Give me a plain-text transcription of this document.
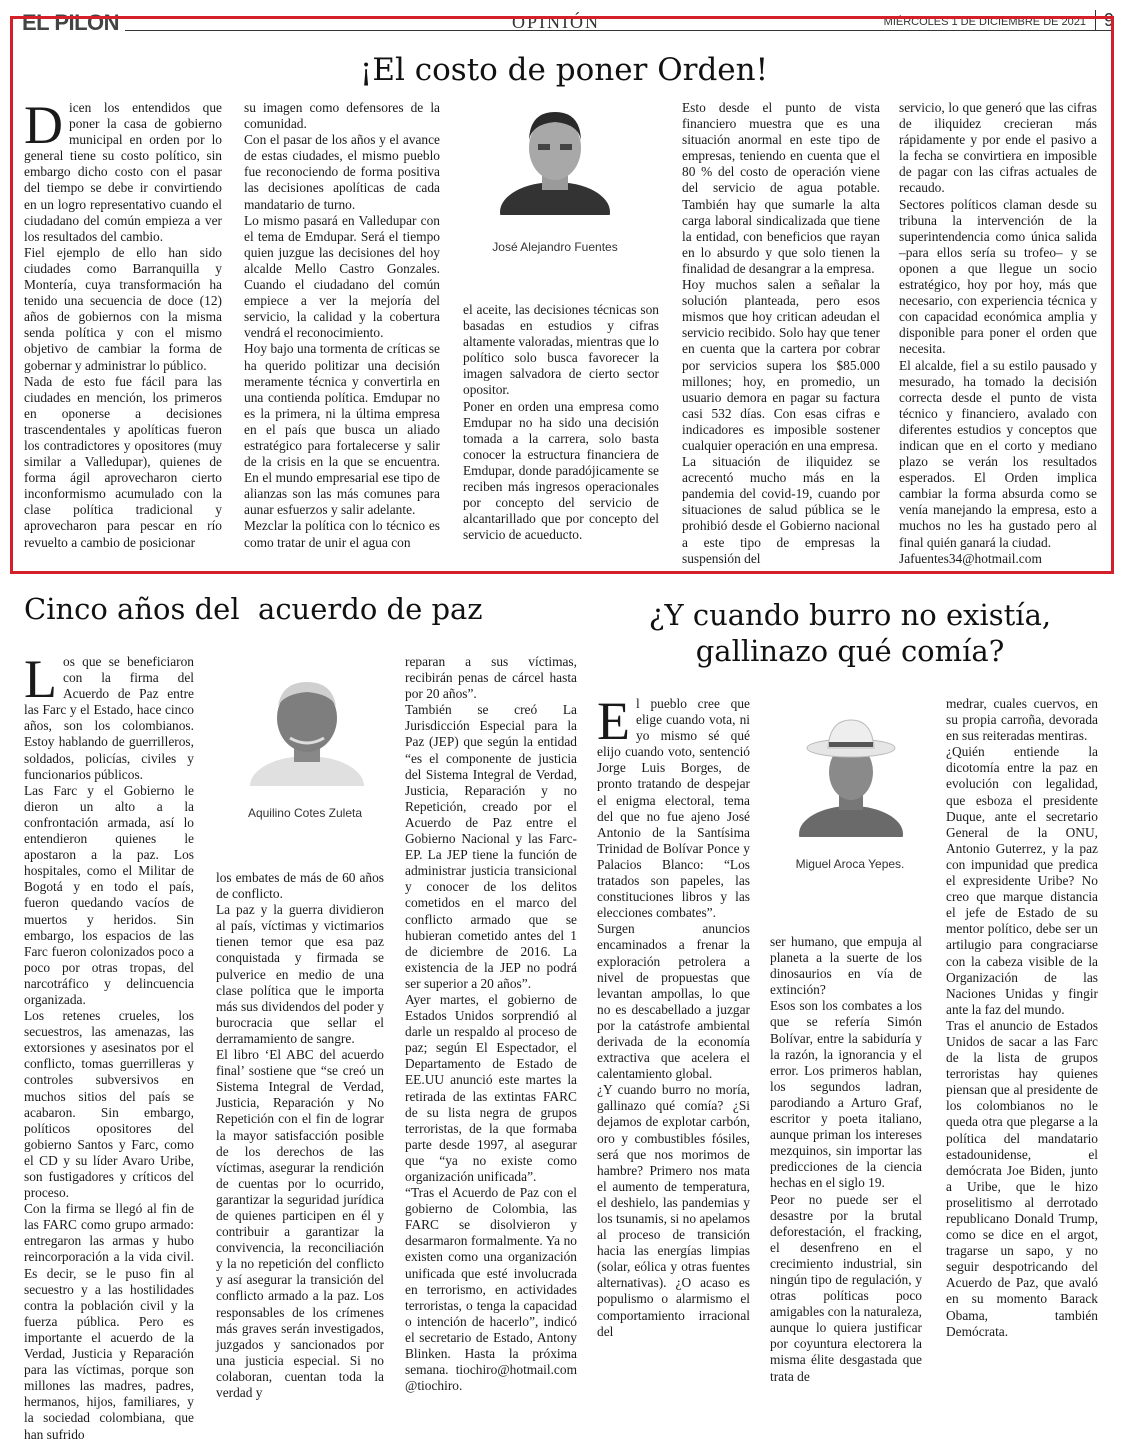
EL PILON	OPINIÓN	MIÉRCOLES 1 DE DICIEMBRE DE 2021 9
¡El costo de poner Orden!
D icen los entendidos que poner la casa de gobierno municipal en orden por lo general tiene su costo político, sin embargo dicho costo con el pasar del tiempo se debe ir convirtiendo en un logro representativo cuando el ciudadano del común empieza a ver los resultados del cambio.
Fiel ejemplo de ello han sido ciudades como Barranquilla y Montería, cuya transformación ha tenido una secuencia de doce (12) años de gobiernos con la misma senda política y con el mismo objetivo de cambiar la forma de gobernar y administrar lo público.
Nada de esto fue fácil para las ciudades en mención, los primeros en oponerse a decisiones trascendentales y apolíticas fueron los contradictores y opositores (muy similar a Valledupar), quienes de forma ágil aprovecharon cierto inconformismo acumulado con la clase política tradicional y aprovecharon para pescar en río revuelto a cambio de posicionar

su imagen como defensores de la comunidad.
Con el pasar de los años y el avance de estas ciudades, el mismo pueblo fue reconociendo de forma positiva las decisiones apolíticas de cada mandatario de turno.
Lo mismo pasará en Valledupar con el tema de Emdupar. Será el tiempo quien juzgue las decisiones del hoy alcalde Mello Castro Gonzales. Cuando el ciudadano del común empiece a ver la mejoría del servicio, la calidad y la cobertura vendrá el reconocimiento.
Hoy bajo una tormenta de críticas se ha querido politizar una decisión meramente técnica y convertirla en una contienda política. Emdupar no es la primera, ni la última empresa en el país que busca un aliado estratégico para fortalecerse y salir de la crisis en la que se encuentra. En el mundo empresarial ese tipo de alianzas son las más comunes para aunar esfuerzos y salir adelante.
Mezclar la política con lo técnico es como tratar de unir el agua con

José Alejandro Fuentes

el aceite, las decisiones técnicas son basadas en estudios y cifras altamente valoradas, mientras que lo político solo busca favorecer la imagen salvadora de cierto sector opositor.
Poner en orden una empresa como Emdupar no ha sido una decisión tomada a la carrera, solo basta conocer la estructura financiera de Emdupar, donde paradójicamente se reciben más ingresos operacionales por concepto del servicio de alcantarillado que por concepto del servicio de acueducto.

Esto desde el punto de vista financiero muestra que es una situación anormal en este tipo de empresas, teniendo en cuenta que el 80 % del costo de operación viene del servicio de agua potable. También hay que sumarle la alta carga laboral sindicalizada que tiene la entidad, con beneficios que rayan en lo absurdo y que solo tienen la finalidad de desangrar a la empresa.
Hoy muchos salen a señalar la solución planteada, pero esos mismos que hoy critican adeudan el servicio recibido. Solo hay que tener en cuenta que la cartera por cobrar por servicios supera los $85.000 millones; hoy, en promedio, un usuario demora en pagar su factura casi 532 días. Con esas cifras e indicadores es imposible sostener cualquier operación en una empresa.
La situación de iliquidez se acrecentó mucho más en la pandemia del covid-19, cuando por situaciones de salud pública se le prohibió desde el Gobierno nacional a este tipo de empresas la suspensión del

servicio, lo que generó que las cifras de iliquidez crecieran más rápidamente y por ende el pasivo a la fecha se convirtiera en imposible de pagar con las cifras actuales de recaudo.
Sectores políticos claman desde su tribuna la intervención de la superintendencia como única salida –para ellos sería su trofeo– y se oponen a que llegue un socio estratégico, hoy por hoy, más que necesario, con experiencia técnica y con capacidad económica amplia y disponible para poner el orden que necesita.
El alcalde, fiel a su estilo pausado y mesurado, ha tomado la decisión correcta desde el punto de vista técnico y financiero, avalado con diferentes estudios y conceptos que indican que en el corto y mediano plazo se verán los resultados esperados. El Orden implica cambiar la forma absurda como se venía manejando la empresa, esto a muchos no les ha gustado pero al final quién ganará la ciudad.
Jafuentes34@hotmail.com

Cinco años del  acuerdo de paz
L os que se beneficiaron con la firma del Acuerdo de Paz entre las Farc y el Estado, hace cinco años, son los colombianos. Estoy hablando de guerrilleros, soldados, policías, civiles y funcionarios públicos.
Las Farc y el Gobierno le dieron un alto a la confrontación armada, así lo entendieron quienes le apostaron a la paz. Los hospitales, como el Militar de Bogotá y en todo el país, fueron quedando vacíos de muertos y heridos. Sin embargo, los espacios de las Farc fueron colonizados poco a poco por otras tropas, del narcotráfico y delincuencia organizada.
Los retenes crueles, los secuestros, las amenazas, las extorsiones y asesinatos por el conflicto, tomas guerrilleras y controles subversivos en muchos sitios del país se acabaron. Sin embargo, políticos opositores del gobierno Santos y Farc, como el CD y su líder Avaro Uribe, son fustigadores y críticos del proceso.
Con la firma se llegó al fin de las FARC como grupo armado: entregaron las armas y hubo reincorporación a la vida civil. Es decir, se le puso fin al secuestro y a las hostilidades contra la población civil y la fuerza pública. Pero es importante el acuerdo de la Verdad, Justicia y Reparación para las víctimas, porque son millones las madres, padres, hermanos, hijos, familiares, y la sociedad colombiana, que han sufrido

Aquilino Cotes Zuleta

los embates de más de 60 años de conflicto.
La paz y la guerra dividieron al país, víctimas y victimarios tienen temor que esa paz conquistada y firmada se pulverice en medio de una clase política que le importa más sus dividendos del poder y burocracia que sellar el derramamiento de sangre.
El libro ‘El ABC del acuerdo final’ sostiene que “se creó un Sistema Integral de Verdad, Justicia, Reparación y No Repetición con el fin de lograr la mayor satisfacción posible de los derechos de las víctimas, asegurar la rendición de cuentas por lo ocurrido, garantizar la seguridad jurídica de quienes participen en él y contribuir a garantizar la convivencia, la reconciliación y la no repetición del conflicto y así asegurar la transición del conflicto armado a la paz. Los responsables de los crímenes más graves serán investigados, juzgados y sancionados por una justicia especial. Si no colaboran, cuentan toda la verdad y

reparan a sus víctimas, recibirán penas de cárcel hasta por 20 años”.
También se creó La Jurisdicción Especial para la Paz (JEP) que según la entidad “es el componente de justicia del Sistema Integral de Verdad, Justicia, Reparación y no Repetición, creado por el Acuerdo de Paz entre el Gobierno Nacional y las Farc-EP. La JEP tiene la función de administrar justicia transicional y conocer de los delitos cometidos en el marco del conflicto armado que se hubieran cometido antes del 1 de diciembre de 2016. La existencia de la JEP no podrá ser superior a 20 años”.
Ayer martes, el gobierno de Estados Unidos sorprendió al darle un respaldo al proceso de paz; según El Espectador, el Departamento de Estado de EE.UU anunció este martes la retirada de las extintas FARC de su lista negra de grupos terroristas, de la que formaba parte desde 1997, al asegurar que “ya no existe como organización unificada”.
“Tras el Acuerdo de Paz con el gobierno de Colombia, las FARC se disolvieron y desarmaron formalmente. Ya no existen como una organización unificada que esté involucrada en terrorismo, en actividades terroristas, o tenga la capacidad o intención de hacerlo”, indicó el secretario de Estado, Antony Blinken. Hasta la próxima semana. tiochiro@hotmail.com @tiochiro.

¿Y cuando burro no existía,
gallinazo qué comía?
E l pueblo cree que elige cuando vota, ni yo mismo sé qué elijo cuando voto, sentenció Jorge Luis Borges, de pronto tratando de despejar el enigma electoral, tema del que no fue ajeno José Antonio de la Santísima Trinidad de Bolívar Ponce y Palacios Blanco: “Los tratados son papeles, las constituciones libros y las elecciones combates”.
Surgen anuncios encaminados a frenar la exploración petrolera a nivel de propuestas que levantan ampollas, lo que no es descabellado a juzgar por la catástrofe ambiental derivada de la economía extractiva que acelera el calentamiento global.
¿Y cuando burro no moría, gallinazo qué comía? ¿Si dejamos de explotar carbón, oro y combustibles fósiles, será que nos morimos de hambre? Primero nos mata el aumento de temperatura, el deshielo, las pandemias y los tsunamis, si no apelamos al proceso de transición hacia las energías limpias (solar, eólica y otras fuentes alternativas). ¿O acaso es populismo o alarmismo el comportamiento irracional del

Miguel Aroca Yepes.

ser humano, que empuja al planeta a la suerte de los dinosaurios en vía de extinción?
Esos son los combates a los que se refería Simón Bolívar, entre la sabiduría y la razón, la ignorancia y el error. Los primeros hablan, los segundos ladran, parodiando a Arturo Graf, escritor y poeta italiano, aunque priman los intereses mezquinos, sin importar las predicciones de la ciencia hechas en el siglo 19.
Peor no puede ser el desastre por la brutal deforestación, el fracking, el desenfreno en el crecimiento industrial, sin ningún tipo de regulación, y otras políticas poco amigables con la naturaleza, aunque lo quiera justificar por coyuntura electorera la misma élite desgastada que trata de

medrar, cuales cuervos, en su propia carroña, devorada en sus reiteradas mentiras.
¿Quién entiende la dicotomía entre la paz en evolución con legalidad, que esboza el presidente Duque, ante el secretario General de la ONU, Antonio Guterrez, y la paz con impunidad que predica el expresidente Uribe? No creo que marque distancia el jefe de Estado de su mentor político, debe ser un artilugio para congraciarse con la cabeza visible de la Organización de las Naciones Unidas y fingir ante la faz del mundo.
Tras el anuncio de Estados Unidos de sacar a las Farc de la lista de grupos terroristas hay quienes piensan que al presidente de los colombianos no le queda otra que plegarse a la política del mandatario estadounidense, el demócrata Joe Biden, junto a Uribe, que le hizo proselitismo al derrotado republicano Donald Trump, como se dice en el argot, tragarse un sapo, y no seguir despotricando del Acuerdo de Paz, que avaló en su momento Barack Obama, también Demócrata.
